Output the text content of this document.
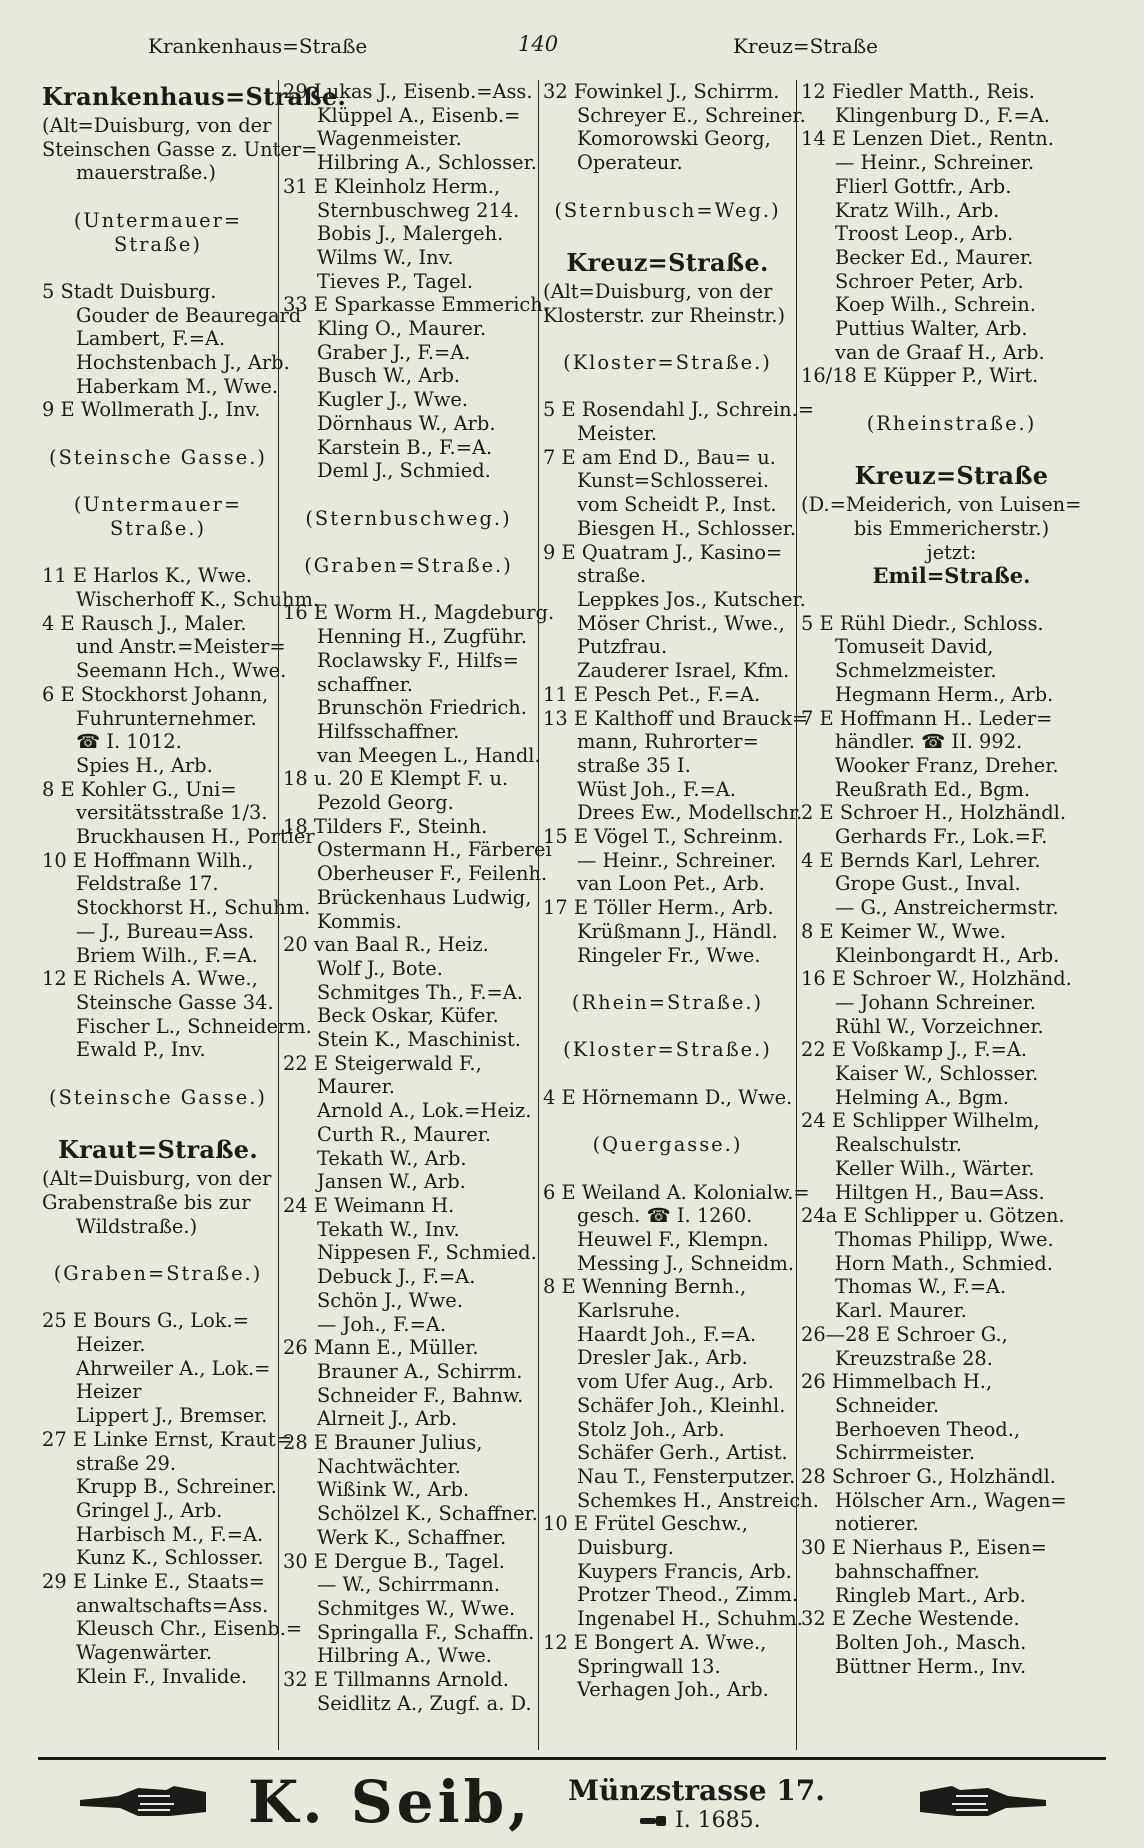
Krankenhaus=Straße	140	Kreuz=Straße
Krankenhaus=Straße.
(Alt=Duisburg, von der
Steinschen Gasse z. Unter=
mauerstraße.)
(Untermauer=
Straße)
5 Stadt Duisburg.
Gouder de Beauregard
Lambert, F.=A.
Hochstenbach J., Arb.
Haberkam M., Wwe.
9 E Wollmerath J., Inv.
(Steinsche Gasse.)
(Untermauer=
Straße.)
11 E Harlos K., Wwe.
Wischerhoff K., Schuhm.
4 E Rausch J., Maler.
und Anstr.=Meister=
Seemann Hch., Wwe.
6 E Stockhorst Johann,
Fuhrunternehmer.
☎ I. 1012.
Spies H., Arb.
8 E Kohler G., Uni=
versitätsstraße 1/3.
Bruckhausen H., Portier
10 E Hoffmann Wilh.,
Feldstraße 17.
Stockhorst H., Schuhm.
— J., Bureau=Ass.
Briem Wilh., F.=A.
12 E Richels A. Wwe.,
Steinsche Gasse 34.
Fischer L., Schneiderm.
Ewald P., Inv.
(Steinsche Gasse.)
Kraut=Straße.
(Alt=Duisburg, von der
Grabenstraße bis zur
Wildstraße.)
(Graben=Straße.)
25 E Bours G., Lok.=
Heizer.
Ahrweiler A., Lok.=
Heizer
Lippert J., Bremser.
27 E Linke Ernst, Kraut=
straße 29.
Krupp B., Schreiner.
Gringel J., Arb.
Harbisch M., F.=A.
Kunz K., Schlosser.
29 E Linke E., Staats=
anwaltschafts=Ass.
Kleusch Chr., Eisenb.=
Wagenwärter.
Klein F., Invalide.
29 Lukas J., Eisenb.=Ass.
Klüppel A., Eisenb.=
Wagenmeister.
Hilbring A., Schlosser.
31 E Kleinholz Herm.,
Sternbuschweg 214.
Bobis J., Malergeh.
Wilms W., Inv.
Tieves P., Tagel.
33 E Sparkasse Emmerich.
Kling O., Maurer.
Graber J., F.=A.
Busch W., Arb.
Kugler J., Wwe.
Dörnhaus W., Arb.
Karstein B., F.=A.
Deml J., Schmied.
(Sternbuschweg.)
(Graben=Straße.)
16 E Worm H., Magdeburg.
Henning H., Zugführ.
Roclawsky F., Hilfs=
schaffner.
Brunschön Friedrich.
Hilfsschaffner.
van Meegen L., Handl.
18 u. 20 E Klempt F. u.
Pezold Georg.
18 Tilders F., Steinh.
Ostermann H., Färberei
Oberheuser F., Feilenh.
Brückenhaus Ludwig,
Kommis.
20 van Baal R., Heiz.
Wolf J., Bote.
Schmitges Th., F.=A.
Beck Oskar, Küfer.
Stein K., Maschinist.
22 E Steigerwald F.,
Maurer.
Arnold A., Lok.=Heiz.
Curth R., Maurer.
Tekath W., Arb.
Jansen W., Arb.
24 E Weimann H.
Tekath W., Inv.
Nippesen F., Schmied.
Debuck J., F.=A.
Schön J., Wwe.
— Joh., F.=A.
26 Mann E., Müller.
Brauner A., Schirrm.
Schneider F., Bahnw.
Alrneit J., Arb.
28 E Brauner Julius,
Nachtwächter.
Wißink W., Arb.
Schölzel K., Schaffner.
Werk K., Schaffner.
30 E Dergue B., Tagel.
— W., Schirrmann.
Schmitges W., Wwe.
Springalla F., Schaffn.
Hilbring A., Wwe.
32 E Tillmanns Arnold.
Seidlitz A., Zugf. a. D.
32 Fowinkel J., Schirrm.
Schreyer E., Schreiner.
Komorowski Georg,
Operateur.
(Sternbusch=Weg.)
Kreuz=Straße.
(Alt=Duisburg, von der
Klosterstr. zur Rheinstr.)
(Kloster=Straße.)
5 E Rosendahl J., Schrein.=
Meister.
7 E am End D., Bau= u.
Kunst=Schlosserei.
vom Scheidt P., Inst.
Biesgen H., Schlosser.
9 E Quatram J., Kasino=
straße.
Leppkes Jos., Kutscher.
Möser Christ., Wwe.,
Putzfrau.
Zauderer Israel, Kfm.
11 E Pesch Pet., F.=A.
13 E Kalthoff und Brauck=
mann, Ruhrorter=
straße 35 I.
Wüst Joh., F.=A.
Drees Ew., Modellschr.
15 E Vögel T., Schreinm.
— Heinr., Schreiner.
van Loon Pet., Arb.
17 E Töller Herm., Arb.
Krüßmann J., Händl.
Ringeler Fr., Wwe.
(Rhein=Straße.)
(Kloster=Straße.)
4 E Hörnemann D., Wwe.
(Quergasse.)
6 E Weiland A. Kolonialw.=
gesch. ☎ I. 1260.
Heuwel F., Klempn.
Messing J., Schneidm.
8 E Wenning Bernh.,
Karlsruhe.
Haardt Joh., F.=A.
Dresler Jak., Arb.
vom Ufer Aug., Arb.
Schäfer Joh., Kleinhl.
Stolz Joh., Arb.
Schäfer Gerh., Artist.
Nau T., Fensterputzer.
Schemkes H., Anstreich.
10 E Frütel Geschw.,
Duisburg.
Kuypers Francis, Arb.
Protzer Theod., Zimm.
Ingenabel H., Schuhm.
12 E Bongert A. Wwe.,
Springwall 13.
Verhagen Joh., Arb.
12 Fiedler Matth., Reis.
Klingenburg D., F.=A.
14 E Lenzen Diet., Rentn.
— Heinr., Schreiner.
Flierl Gottfr., Arb.
Kratz Wilh., Arb.
Troost Leop., Arb.
Becker Ed., Maurer.
Schroer Peter, Arb.
Koep Wilh., Schrein.
Puttius Walter, Arb.
van de Graaf H., Arb.
16/18 E Küpper P., Wirt.
(Rheinstraße.)
Kreuz=Straße
(D.=Meiderich, von Luisen=
bis Emmericherstr.)
jetzt:
Emil=Straße.
5 E Rühl Diedr., Schloss.
Tomuseit David,
Schmelzmeister.
Hegmann Herm., Arb.
7 E Hoffmann H.. Leder=
händler. ☎ II. 992.
Wooker Franz, Dreher.
Reußrath Ed., Bgm.
2 E Schroer H., Holzhändl.
Gerhards Fr., Lok.=F.
4 E Bernds Karl, Lehrer.
Grope Gust., Inval.
— G., Anstreichermstr.
8 E Keimer W., Wwe.
Kleinbongardt H., Arb.
16 E Schroer W., Holzhänd.
— Johann Schreiner.
Rühl W., Vorzeichner.
22 E Voßkamp J., F.=A.
Kaiser W., Schlosser.
Helming A., Bgm.
24 E Schlipper Wilhelm,
Realschulstr.
Keller Wilh., Wärter.
Hiltgen H., Bau=Ass.
24a E Schlipper u. Götzen.
Thomas Philipp, Wwe.
Horn Math., Schmied.
Thomas W., F.=A.
Karl. Maurer.
26—28 E Schroer G.,
Kreuzstraße 28.
26 Himmelbach H.,
Schneider.
Berhoeven Theod.,
Schirrmeister.
28 Schroer G., Holzhändl.
Hölscher Arn., Wagen=
notierer.
30 E Nierhaus P., Eisen=
bahnschaffner.
Ringleb Mart., Arb.
32 E Zeche Westende.
Bolten Joh., Masch.
Büttner Herm., Inv.
K. Seib, Münzstrasse 17.
I. 1685.
